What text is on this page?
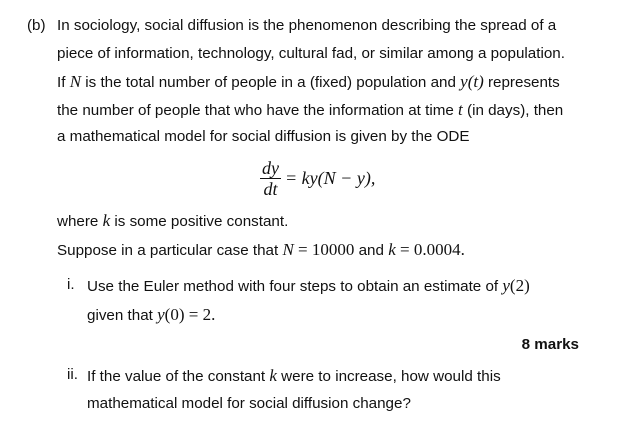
(b) In sociology, social diffusion is the phenomenon describing the spread of a
piece of information, technology, cultural fad, or similar among a population.
If N is the total number of people in a (fixed) population and y(t) represents
the number of people that who have the information at time t (in days), then
a mathematical model for social diffusion is given by the ODE
$\frac{dy}{dt} = ky(N - y)$,
where k is some positive constant.
Suppose in a particular case that N = 10000 and k = 0.0004.
i. Use the Euler method with four steps to obtain an estimate of y(2)
given that y(0) = 2.
8 marks
ii. If the value of the constant k were to increase, how would this
mathematical model for social diffusion change?
